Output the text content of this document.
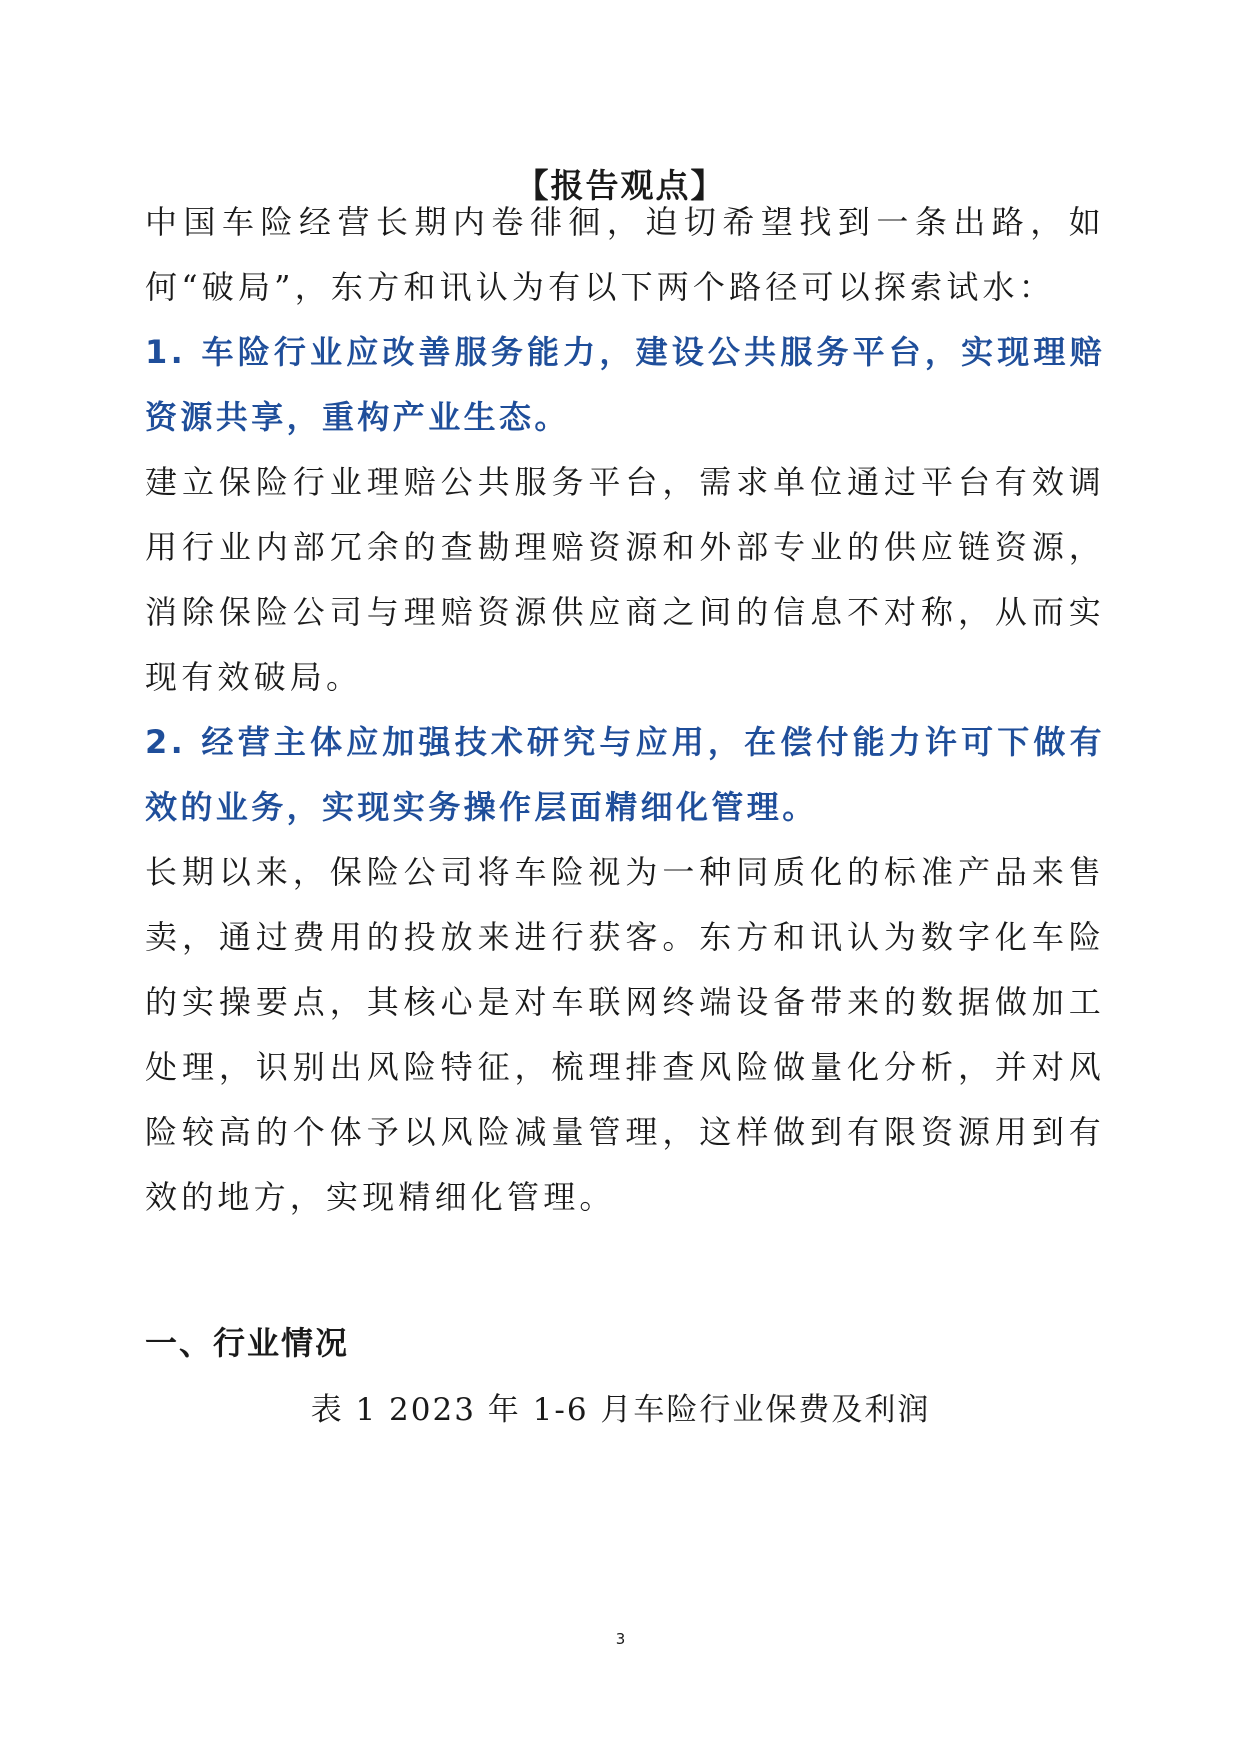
【报告观点】

中国车险经营长期内卷徘徊，迫切希望找到一条出路，如何“破局”，东方和讯认为有以下两个路径可以探索试水：

1. 车险行业应改善服务能力，建设公共服务平台，实现理赔资源共享，重构产业生态。

建立保险行业理赔公共服务平台，需求单位通过平台有效调用行业内部冗余的查勘理赔资源和外部专业的供应链资源，消除保险公司与理赔资源供应商之间的信息不对称，从而实现有效破局。

2. 经营主体应加强技术研究与应用，在偿付能力许可下做有效的业务，实现实务操作层面精细化管理。

长期以来，保险公司将车险视为一种同质化的标准产品来售卖，通过费用的投放来进行获客。东方和讯认为数字化车险的实操要点，其核心是对车联网终端设备带来的数据做加工处理，识别出风险特征，梳理排查风险做量化分析，并对风险较高的个体予以风险减量管理，这样做到有限资源用到有效的地方，实现精细化管理。

一、行业情况

表 1 2023 年 1-6 月车险行业保费及利润

3
